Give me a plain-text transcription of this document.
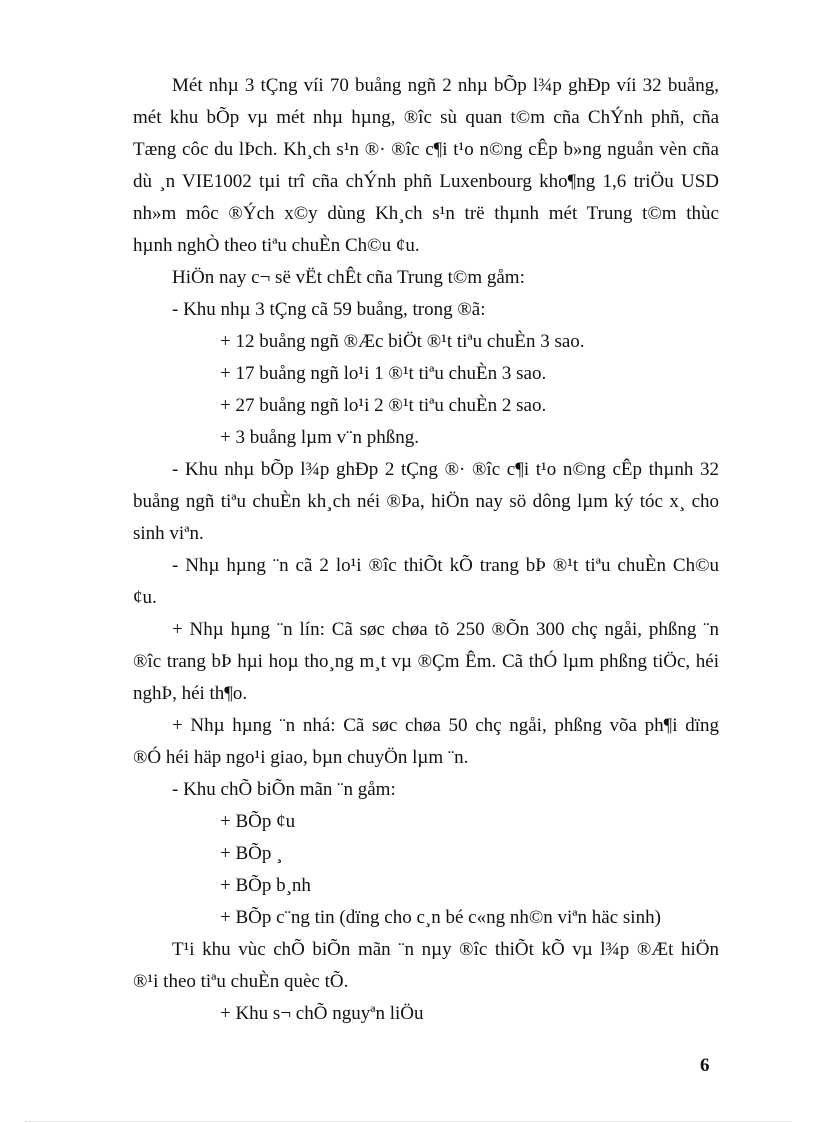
Mét nhµ 3 tÇng víi 70 buång ngñ 2 nhµ bÕp l¾p ghÐp víi 32 buång,
mét khu bÕp vµ mét nhµ hµng, ®îc sù quan t©m cña ChÝnh phñ, cña
Tæng côc du lÞch. Kh¸ch s¹n ®· ®îc c¶i t¹o n©ng cÊp b»ng nguån vèn cña
dù ¸n VIE1002 tµi trî cña chÝnh phñ Luxenbourg kho¶ng 1,6 triÖu USD
nh»m môc ®Ých x©y dùng Kh¸ch s¹n trë thµnh mét Trung t©m thùc
hµnh nghÒ theo tiªu chuÈn Ch©u ¢u.
HiÖn nay c¬ së vËt chÊt cña Trung t©m gåm:
- Khu nhµ 3 tÇng cã 59 buång, trong ®ã:
+ 12 buång ngñ ®Æc biÖt ®¹t tiªu chuÈn 3 sao.
+ 17 buång ngñ lo¹i 1 ®¹t tiªu chuÈn 3 sao.
+ 27 buång ngñ lo¹i 2 ®¹t tiªu chuÈn 2 sao.
+ 3 buång lµm v¨n phßng.
- Khu nhµ bÕp l¾p ghÐp 2 tÇng ®· ®îc c¶i t¹o n©ng cÊp thµnh 32
buång ngñ tiªu chuÈn kh¸ch néi ®Þa, hiÖn nay sö dông lµm ký tóc x¸ cho
sinh viªn.
- Nhµ hµng ¨n cã 2 lo¹i ®îc thiÕt kÕ trang bÞ ®¹t tiªu chuÈn Ch©u
¢u.
+ Nhµ hµng ¨n lín: Cã søc chøa tõ 250 ®Õn 300 chç ngåi, phßng ¨n
®îc trang bÞ hµi hoµ tho¸ng m¸t vµ ®Çm Êm. Cã thÓ lµm phßng tiÖc, héi
nghÞ, héi th¶o.
+ Nhµ hµng ¨n nhá: Cã søc chøa 50 chç ngåi, phßng võa ph¶i dïng
®Ó héi häp ngo¹i giao, bµn chuyÖn lµm ¨n.
- Khu chÕ biÕn mãn ¨n gåm:
+ BÕp ¢u
+ BÕp ¸
+ BÕp b¸nh
+ BÕp c¨ng tin (dïng cho c¸n bé c«ng nh©n viªn häc sinh)
T¹i khu vùc chÕ biÕn mãn ¨n nµy ®îc thiÕt kÕ vµ l¾p ®Æt hiÖn
®¹i theo tiªu chuÈn quèc tÕ.
+ Khu s¬ chÕ nguyªn liÖu
6
